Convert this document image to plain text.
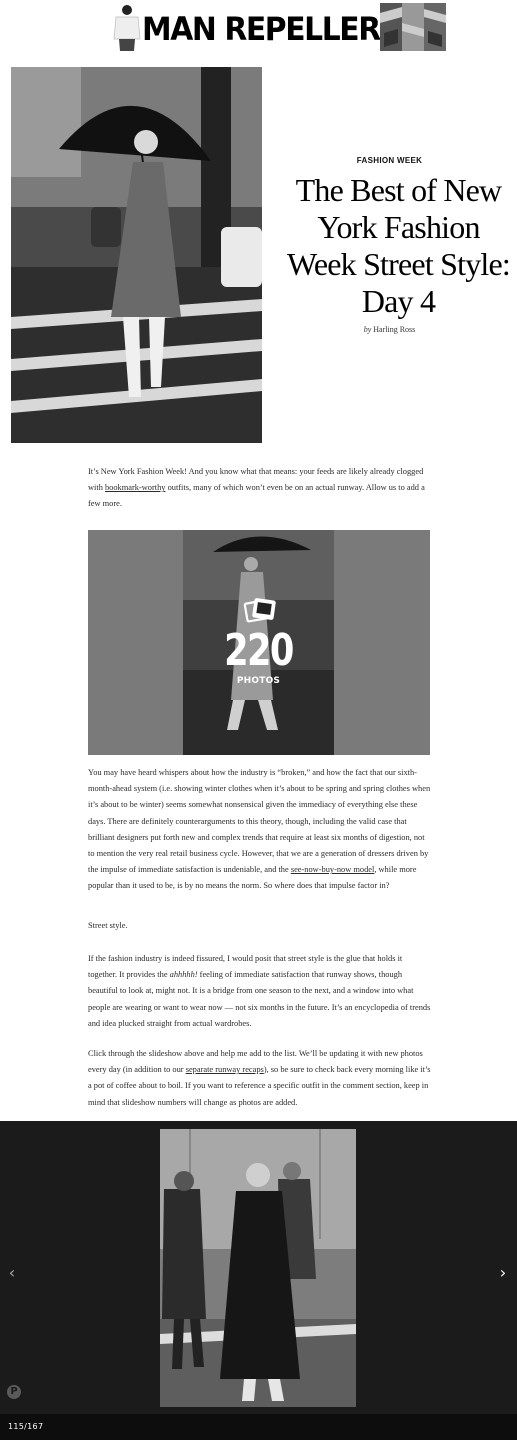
MAN REPELLER
FASHION WEEK
The Best of New York Fashion Week Street Style: Day 4
by Harling Ross

It’s New York Fashion Week! And you know what that means: your feeds are likely already clogged with bookmark-worthy outfits, many of which won’t even be on an actual runway. Allow us to add a few more.

220
PHOTOS

You may have heard whispers about how the industry is “broken,” and how the fact that our sixth-month-ahead system (i.e. showing winter clothes when it’s about to be spring and spring clothes when it’s about to be winter) seems somewhat nonsensical given the immediacy of everything else these days. There are definitely counterarguments to this theory, though, including the valid case that brilliant designers put forth new and complex trends that require at least six months of digestion, not to mention the very real retail business cycle. However, that we are a generation of dressers driven by the impulse of immediate satisfaction is undeniable, and the see-now-buy-now model, while more popular than it used to be, is by no means the norm. So where does that impulse factor in?

Street style.

If the fashion industry is indeed fissured, I would posit that street style is the glue that holds it together. It provides the ahhhhh! feeling of immediate satisfaction that runway shows, though beautiful to look at, might not. It is a bridge from one season to the next, and a window into what people are wearing or want to wear now — not six months in the future. It’s an encyclopedia of trends and idea plucked straight from actual wardrobes.

Click through the slideshow above and help me add to the list. We’ll be updating it with new photos every day (in addition to our separate runway recaps), so be sure to check back every morning like it’s a pot of coffee about to boil. If you want to reference a specific outfit in the comment section, keep in mind that slideshow numbers will change as photos are added.

‹	›
P
115/167
